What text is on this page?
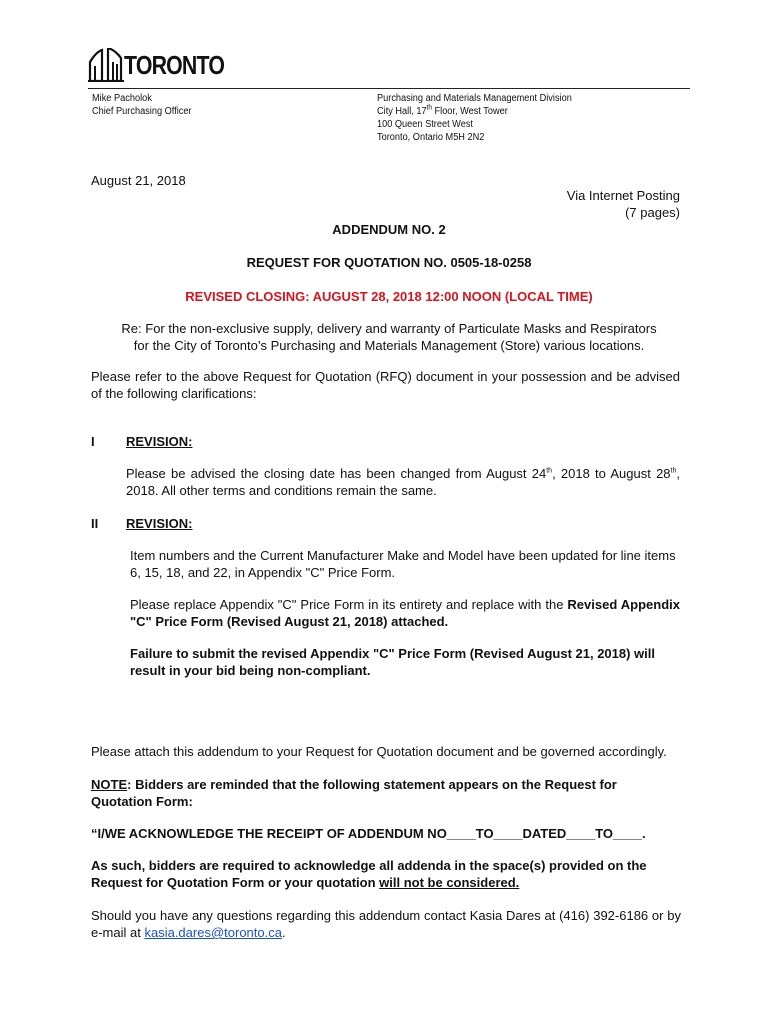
TORONTO
Mike Pacholok
Chief Purchasing Officer
Purchasing and Materials Management Division
City Hall, 17th Floor, West Tower
100 Queen Street West
Toronto, Ontario M5H 2N2
August 21, 2018
Via Internet Posting
(7 pages)
ADDENDUM NO. 2
REQUEST FOR QUOTATION NO. 0505-18-0258
REVISED CLOSING: AUGUST 28, 2018 12:00 NOON (LOCAL TIME)
Re: For the non-exclusive supply, delivery and warranty of Particulate Masks and Respirators
for the City of Toronto’s Purchasing and Materials Management (Store) various locations.
Please refer to the above Request for Quotation (RFQ) document in your possession and be advised of the following clarifications:
I REVISION:
Please be advised the closing date has been changed from August 24th, 2018 to August 28th, 2018. All other terms and conditions remain the same.
II REVISION:
Item numbers and the Current Manufacturer Make and Model have been updated for line items 6, 15, 18, and 22, in Appendix "C" Price Form.
Please replace Appendix "C" Price Form in its entirety and replace with the Revised Appendix "C" Price Form (Revised August 21, 2018) attached.
Failure to submit the revised Appendix "C" Price Form (Revised August 21, 2018) will result in your bid being non-compliant.
Please attach this addendum to your Request for Quotation document and be governed accordingly.
NOTE: Bidders are reminded that the following statement appears on the Request for Quotation Form:
“I/WE ACKNOWLEDGE THE RECEIPT OF ADDENDUM NO____TO____DATED____TO____.
As such, bidders are required to acknowledge all addenda in the space(s) provided on the Request for Quotation Form or your quotation will not be considered.
Should you have any questions regarding this addendum contact Kasia Dares at (416) 392-6186 or by e-mail at kasia.dares@toronto.ca.
